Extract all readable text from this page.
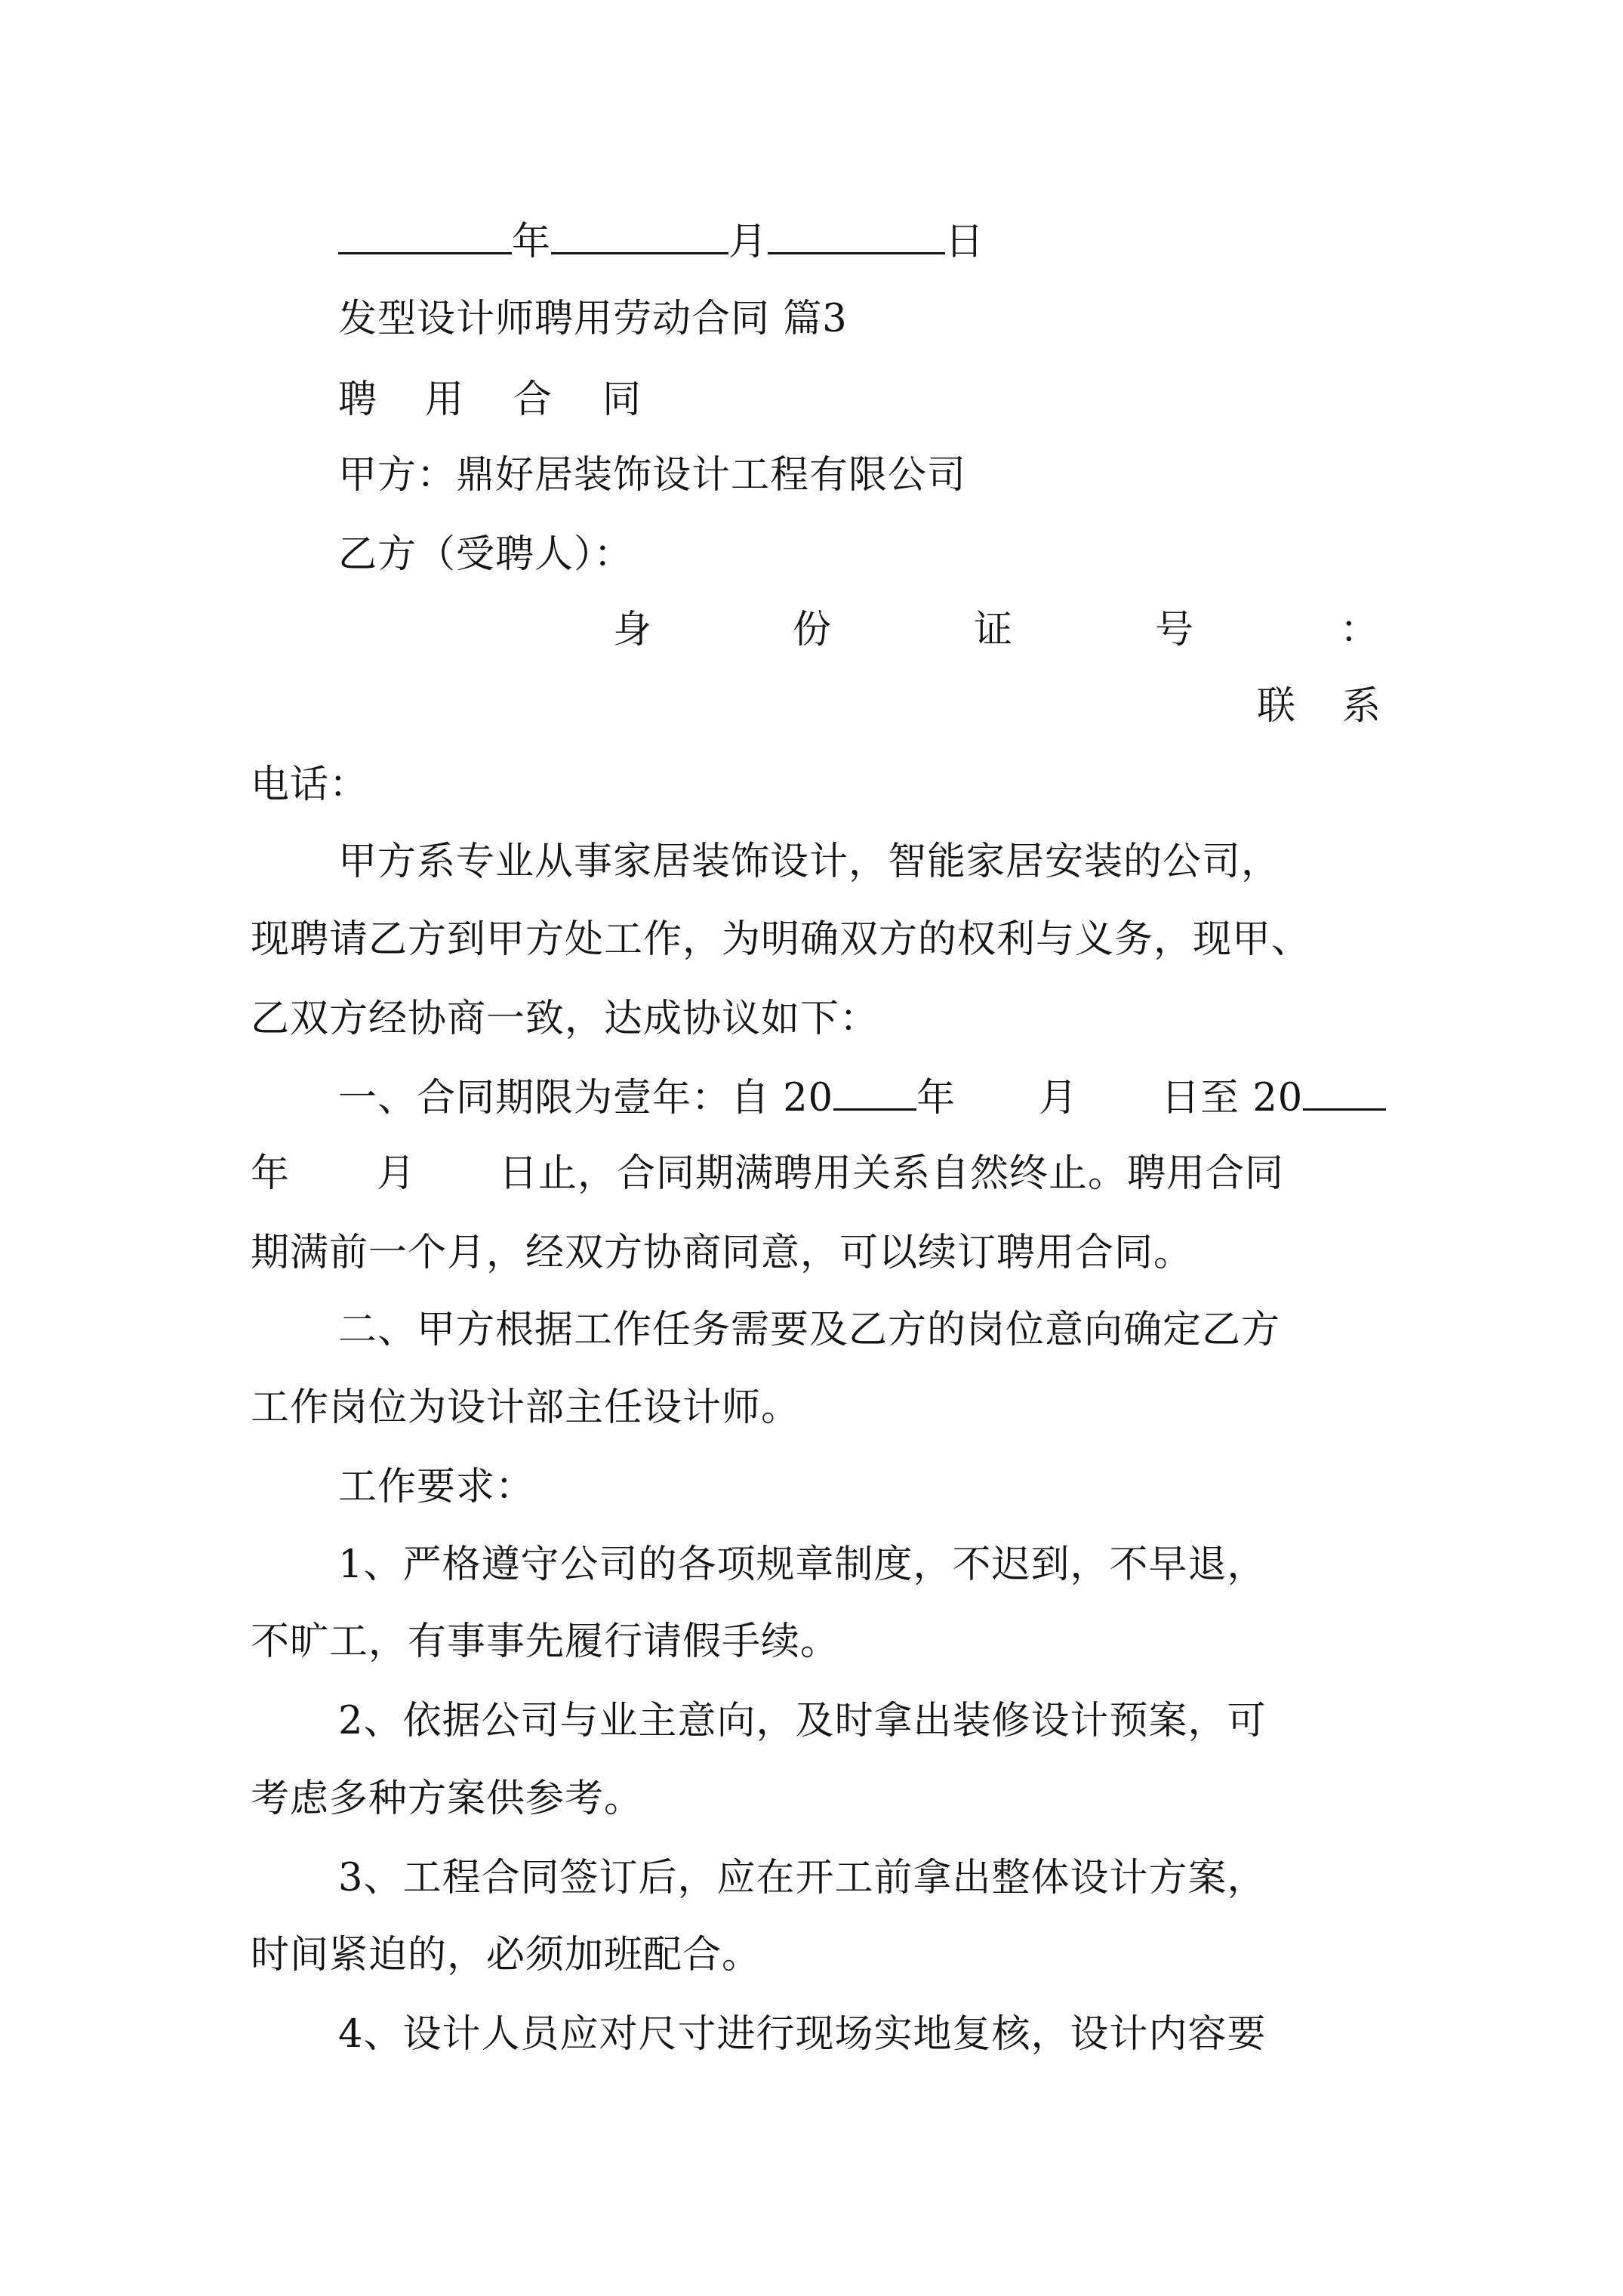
年	月	日
发型设计师聘用劳动合同 篇3
聘 用 合 同
甲方：鼎好居装饰设计工程有限公司
乙方（受聘人）：
身	份	证	号	：
联 系
电话：
甲方系专业从事家居装饰设计，智能家居安装的公司，
现聘请乙方到甲方处工作，为明确双方的权利与义务，现甲、
乙双方经协商一致，达成协议如下：
一、合同期限为壹年：自 20 年 月 日至 20
年 月 日止，合同期满聘用关系自然终止。聘用合同
期满前一个月，经双方协商同意，可以续订聘用合同。
二、甲方根据工作任务需要及乙方的岗位意向确定乙方
工作岗位为设计部主任设计师。
工作要求：
1、严格遵守公司的各项规章制度，不迟到，不早退，
不旷工，有事事先履行请假手续。
2、依据公司与业主意向，及时拿出装修设计预案，可
考虑多种方案供参考。
3、工程合同签订后，应在开工前拿出整体设计方案，
时间紧迫的，必须加班配合。
4、设计人员应对尺寸进行现场实地复核，设计内容要
